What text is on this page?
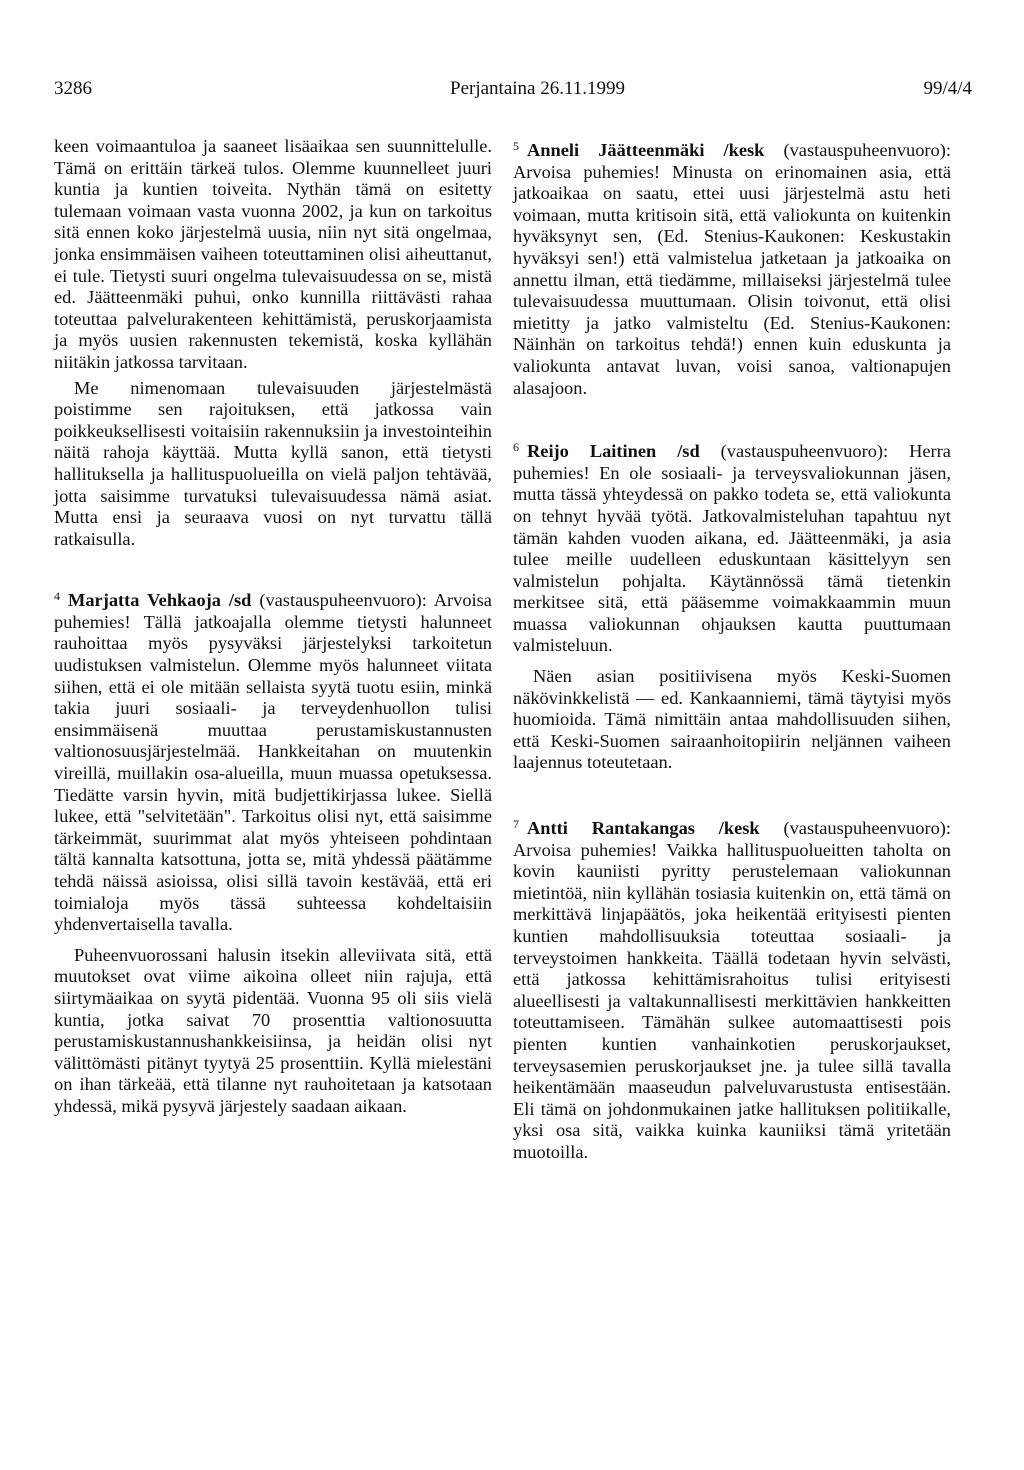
3286	Perjantaina 26.11.1999	99/4/4

keen voimaantuloa ja saaneet lisäaikaa sen suunnittelulle. Tämä on erittäin tärkeä tulos. Olemme kuunnelleet juuri kuntia ja kuntien toiveita. Nythän tämä on esitetty tulemaan voimaan vasta vuonna 2002, ja kun on tarkoitus sitä ennen koko järjestelmä uusia, niin nyt sitä ongelmaa, jonka ensimmäisen vaiheen toteuttaminen olisi aiheuttanut, ei tule. Tietysti suuri ongelma tulevaisuudessa on se, mistä ed. Jäätteenmäki puhui, onko kunnilla riittävästi rahaa toteuttaa palvelurakenteen kehittämistä, peruskorjaamista ja myös uusien rakennusten tekemistä, koska kyllähän niitäkin jatkossa tarvitaan.

Me nimenomaan tulevaisuuden järjestelmästä poistimme sen rajoituksen, että jatkossa vain poikkeuksellisesti voitaisiin rakennuksiin ja investointeihin näitä rahoja käyttää. Mutta kyllä sanon, että tietysti hallituksella ja hallituspuolueilla on vielä paljon tehtävää, jotta saisimme turvatuksi tulevaisuudessa nämä asiat. Mutta ensi ja seuraava vuosi on nyt turvattu tällä ratkaisulla.

$^4$ Marjatta Vehkaoja /sd (vastauspuheenvuoro): Arvoisa puhemies! Tällä jatkoajalla olemme tietysti halunneet rauhoittaa myös pysyväksi järjestelyksi tarkoitetun uudistuksen valmistelun. Olemme myös halunneet viitata siihen, että ei ole mitään sellaista syytä tuotu esiin, minkä takia juuri sosiaali- ja terveydenhuollon tulisi ensimmäisenä muuttaa perustamiskustannusten valtionosuusjärjestelmää. Hankkeitahan on muutenkin vireillä, muillakin osa-alueilla, muun muassa opetuksessa. Tiedätte varsin hyvin, mitä budjettikirjassa lukee. Siellä lukee, että "selvitetään". Tarkoitus olisi nyt, että saisimme tärkeimmät, suurimmat alat myös yhteiseen pohdintaan tältä kannalta katsottuna, jotta se, mitä yhdessä päätämme tehdä näissä asioissa, olisi sillä tavoin kestävää, että eri toimialoja myös tässä suhteessa kohdeltaisiin yhdenvertaisella tavalla.

Puheenvuorossani halusin itsekin alleviivata sitä, että muutokset ovat viime aikoina olleet niin rajuja, että siirtymäaikaa on syytä pidentää. Vuonna 95 oli siis vielä kuntia, jotka saivat 70 prosenttia valtionosuutta perustamiskustannushankkeisiinsa, ja heidän olisi nyt välittömästi pitänyt tyytyä 25 prosenttiin. Kyllä mielestäni on ihan tärkeää, että tilanne nyt rauhoitetaan ja katsotaan yhdessä, mikä pysyvä järjestely saadaan aikaan.

$^5$ Anneli Jäätteenmäki /kesk (vastauspuheenvuoro): Arvoisa puhemies! Minusta on erinomainen asia, että jatkoaikaa on saatu, ettei uusi järjestelmä astu heti voimaan, mutta kritisoin sitä, että valiokunta on kuitenkin hyväksynyt sen, (Ed. Stenius-Kaukonen: Keskustakin hyväksyi sen!) että valmistelua jatketaan ja jatkoaika on annettu ilman, että tiedämme, millaiseksi järjestelmä tulee tulevaisuudessa muuttumaan. Olisin toivonut, että olisi mietitty ja jatko valmisteltu (Ed. Stenius-Kaukonen: Näinhän on tarkoitus tehdä!) ennen kuin eduskunta ja valiokunta antavat luvan, voisi sanoa, valtionapujen alasajoon.

$^6$ Reijo Laitinen /sd (vastauspuheenvuoro): Herra puhemies! En ole sosiaali- ja terveysvaliokunnan jäsen, mutta tässä yhteydessä on pakko todeta se, että valiokunta on tehnyt hyvää työtä. Jatkovalmisteluhan tapahtuu nyt tämän kahden vuoden aikana, ed. Jäätteenmäki, ja asia tulee meille uudelleen eduskuntaan käsittelyyn sen valmistelun pohjalta. Käytännössä tämä tietenkin merkitsee sitä, että pääsemme voimakkaammin muun muassa valiokunnan ohjauksen kautta puuttumaan valmisteluun.

Näen asian positiivisena myös Keski-Suomen näkövinkkelistä — ed. Kankaanniemi, tämä täytyisi myös huomioida. Tämä nimittäin antaa mahdollisuuden siihen, että Keski-Suomen sairaanhoitopiirin neljännen vaiheen laajennus toteutetaan.

$^7$ Antti Rantakangas /kesk (vastauspuheenvuoro): Arvoisa puhemies! Vaikka hallituspuolueitten taholta on kovin kauniisti pyritty perustelemaan valiokunnan mietintöä, niin kyllähän tosiasia kuitenkin on, että tämä on merkittävä linjapäätös, joka heikentää erityisesti pienten kuntien mahdollisuuksia toteuttaa sosiaali- ja terveystoimen hankkeita. Täällä todetaan hyvin selvästi, että jatkossa kehittämisrahoitus tulisi erityisesti alueellisesti ja valtakunnallisesti merkittävien hankkeitten toteuttamiseen. Tämähän sulkee automaattisesti pois pienten kuntien vanhainkotien peruskorjaukset, terveysasemien peruskorjaukset jne. ja tulee sillä tavalla heikentämään maaseudun palveluvarustusta entisestään. Eli tämä on johdonmukainen jatke hallituksen politiikalle, yksi osa sitä, vaikka kuinka kauniiksi tämä yritetään muotoilla.
